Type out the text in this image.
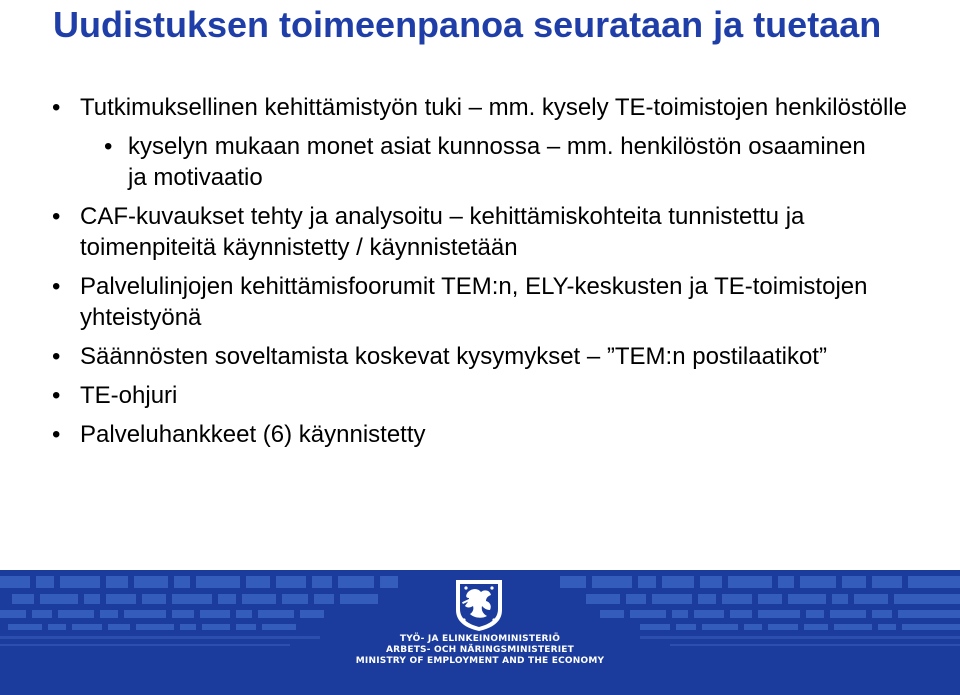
Uudistuksen toimeenpanoa seurataan ja tuetaan
• Tutkimuksellinen kehittämistyön tuki – mm. kysely TE-toimistojen henkilöstölle
• kyselyn mukaan monet asiat kunnossa – mm. henkilöstön osaaminen ja motivaatio
• CAF-kuvaukset tehty ja analysoitu – kehittämiskohteita tunnistettu ja toimenpiteitä käynnistetty / käynnistetään
• Palvelulinjojen kehittämisfoorumit TEM:n, ELY-keskusten ja TE-toimistojen yhteistyönä
• Säännösten soveltamista koskevat kysymykset – ”TEM:n postilaatikot”
• TE-ohjuri
• Palveluhankkeet (6) käynnistetty
TYÖ- JA ELINKEINOMINISTERIÖ
ARBETS- OCH NÄRINGSMINISTERIET
MINISTRY OF EMPLOYMENT AND THE ECONOMY
